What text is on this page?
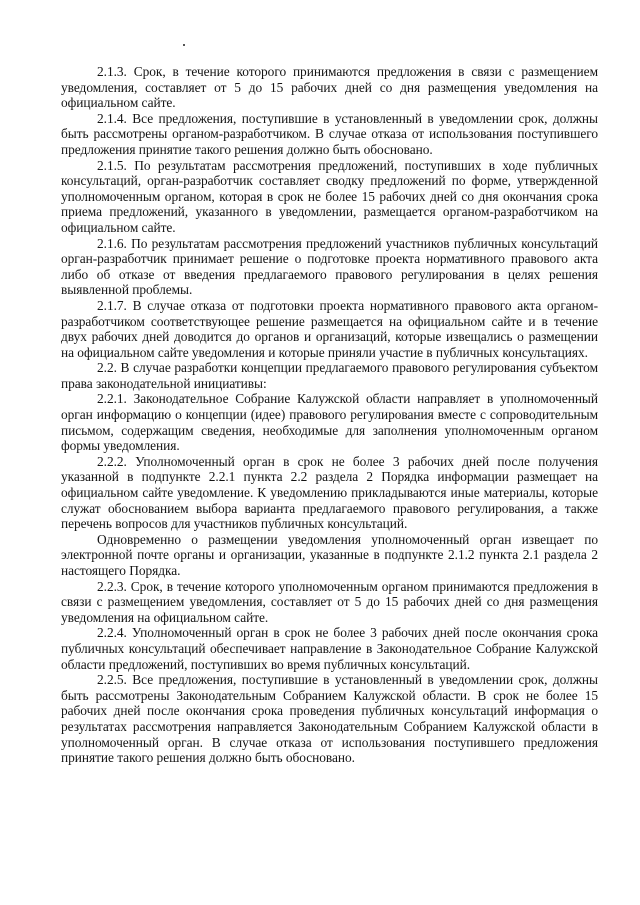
2.1.3. Срок, в течение которого принимаются предложения в связи с размещением уведомления, составляет от 5 до 15 рабочих дней со дня размещения уведомления на официальном сайте.

2.1.4. Все предложения, поступившие в установленный в уведомлении срок, должны быть рассмотрены органом-разработчиком. В случае отказа от использования поступившего предложения принятие такого решения должно быть обосновано.

2.1.5. По результатам рассмотрения предложений, поступивших в ходе публичных консультаций, орган-разработчик составляет сводку предложений по форме, утвержденной уполномоченным органом, которая в срок не более 15 рабочих дней со дня окончания срока приема предложений, указанного в уведомлении, размещается органом-разработчиком на официальном сайте.

2.1.6. По результатам рассмотрения предложений участников публичных консультаций орган-разработчик принимает решение о подготовке проекта нормативного правового акта либо об отказе от введения предлагаемого правового регулирования в целях решения выявленной проблемы.

2.1.7. В случае отказа от подготовки проекта нормативного правового акта органом-разработчиком соответствующее решение размещается на официальном сайте и в течение двух рабочих дней доводится до органов и организаций, которые извещались о размещении на официальном сайте уведомления и которые приняли участие в публичных консультациях.

2.2. В случае разработки концепции предлагаемого правового регулирования субъектом права законодательной инициативы:

2.2.1. Законодательное Собрание Калужской области направляет в уполномоченный орган информацию о концепции (идее) правового регулирования вместе с сопроводительным письмом, содержащим сведения, необходимые для заполнения уполномоченным органом формы уведомления.

2.2.2. Уполномоченный орган в срок не более 3 рабочих дней после получения указанной в подпункте 2.2.1 пункта 2.2 раздела 2 Порядка информации размещает на официальном сайте уведомление. К уведомлению прикладываются иные материалы, которые служат обоснованием выбора варианта предлагаемого правового регулирования, а также перечень вопросов для участников публичных консультаций.

Одновременно о размещении уведомления уполномоченный орган извещает по электронной почте органы и организации, указанные в подпункте 2.1.2 пункта 2.1 раздела 2 настоящего Порядка.

2.2.3. Срок, в течение которого уполномоченным органом принимаются предложения в связи с размещением уведомления, составляет от 5 до 15 рабочих дней со дня размещения уведомления на официальном сайте.

2.2.4. Уполномоченный орган в срок не более 3 рабочих дней после окончания срока публичных консультаций обеспечивает направление в Законодательное Собрание Калужской области предложений, поступивших во время публичных консультаций.

2.2.5. Все предложения, поступившие в установленный в уведомлении срок, должны быть рассмотрены Законодательным Собранием Калужской области. В срок не более 15 рабочих дней после окончания срока проведения публичных консультаций информация о результатах рассмотрения направляется Законодательным Собранием Калужской области в уполномоченный орган. В случае отказа от использования поступившего предложения принятие такого решения должно быть обосновано.
